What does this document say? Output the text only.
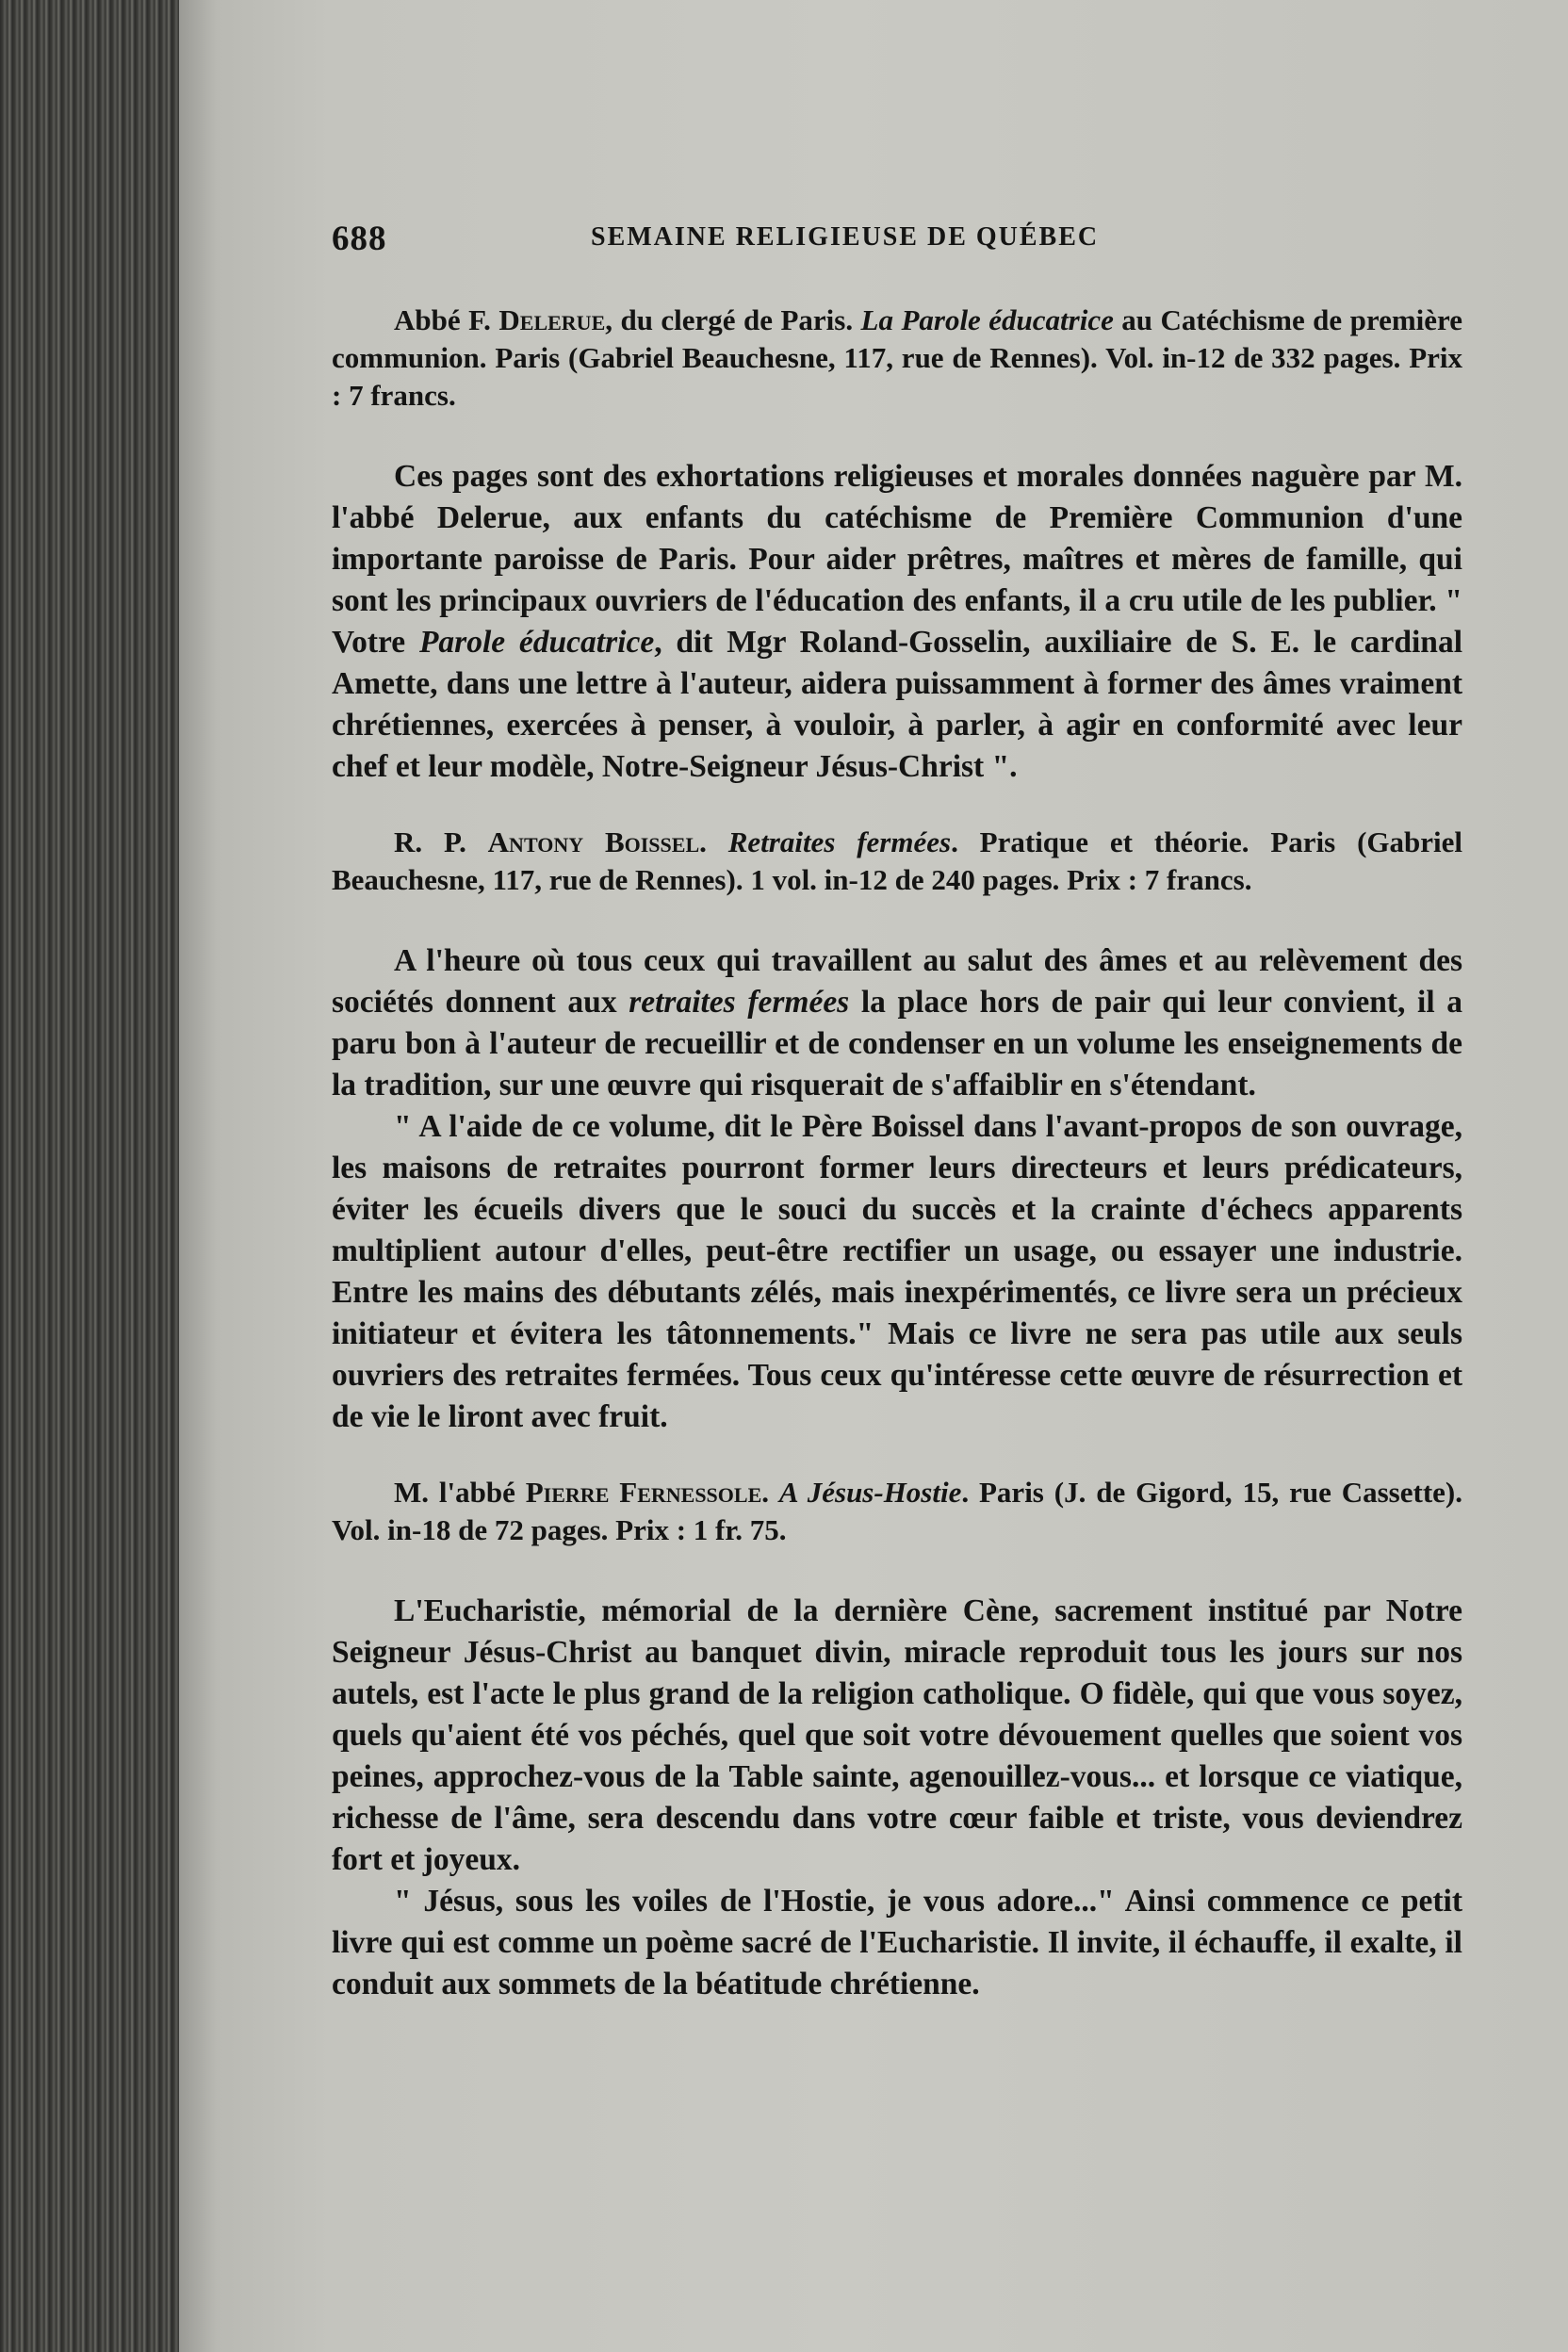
688	SEMAINE RELIGIEUSE DE QUÉBEC

Abbé F. Delerue, du clergé de Paris. La Parole éducatrice au Catéchisme de première communion. Paris (Gabriel Beauchesne, 117, rue de Rennes). Vol. in-12 de 332 pages. Prix : 7 francs.

Ces pages sont des exhortations religieuses et morales données naguère par M. l'abbé Delerue, aux enfants du catéchisme de Première Communion d'une importante paroisse de Paris. Pour aider prêtres, maîtres et mères de famille, qui sont les principaux ouvriers de l'éducation des enfants, il a cru utile de les publier. " Votre Parole éducatrice, dit Mgr Roland-Gosselin, auxiliaire de S. E. le cardinal Amette, dans une lettre à l'auteur, aidera puissamment à former des âmes vraiment chrétiennes, exercées à penser, à vouloir, à parler, à agir en conformité avec leur chef et leur modèle, Notre-Seigneur Jésus-Christ ".

R. P. Antony Boissel. Retraites fermées. Pratique et théorie. Paris (Gabriel Beauchesne, 117, rue de Rennes). 1 vol. in-12 de 240 pages. Prix : 7 francs.

A l'heure où tous ceux qui travaillent au salut des âmes et au relèvement des sociétés donnent aux retraites fermées la place hors de pair qui leur convient, il a paru bon à l'auteur de recueillir et de condenser en un volume les enseignements de la tradition, sur une œuvre qui risquerait de s'affaiblir en s'étendant.

" A l'aide de ce volume, dit le Père Boissel dans l'avant-propos de son ouvrage, les maisons de retraites pourront former leurs directeurs et leurs prédicateurs, éviter les écueils divers que le souci du succès et la crainte d'échecs apparents multiplient autour d'elles, peut-être rectifier un usage, ou essayer une industrie. Entre les mains des débutants zélés, mais inexpérimentés, ce livre sera un précieux initiateur et évitera les tâtonnements." Mais ce livre ne sera pas utile aux seuls ouvriers des retraites fermées. Tous ceux qu'intéresse cette œuvre de résurrection et de vie le liront avec fruit.

M. l'abbé Pierre Fernessole. A Jésus-Hostie. Paris (J. de Gigord, 15, rue Cassette). Vol. in-18 de 72 pages. Prix : 1 fr. 75.

L'Eucharistie, mémorial de la dernière Cène, sacrement institué par Notre Seigneur Jésus-Christ au banquet divin, miracle reproduit tous les jours sur nos autels, est l'acte le plus grand de la religion catholique. O fidèle, qui que vous soyez, quels qu'aient été vos péchés, quel que soit votre dévouement quelles que soient vos peines, approchez-vous de la Table sainte, agenouillez-vous... et lorsque ce viatique, richesse de l'âme, sera descendu dans votre cœur faible et triste, vous deviendrez fort et joyeux.

" Jésus, sous les voiles de l'Hostie, je vous adore..." Ainsi commence ce petit livre qui est comme un poème sacré de l'Eucharistie. Il invite, il échauffe, il exalte, il conduit aux sommets de la béatitude chrétienne.
